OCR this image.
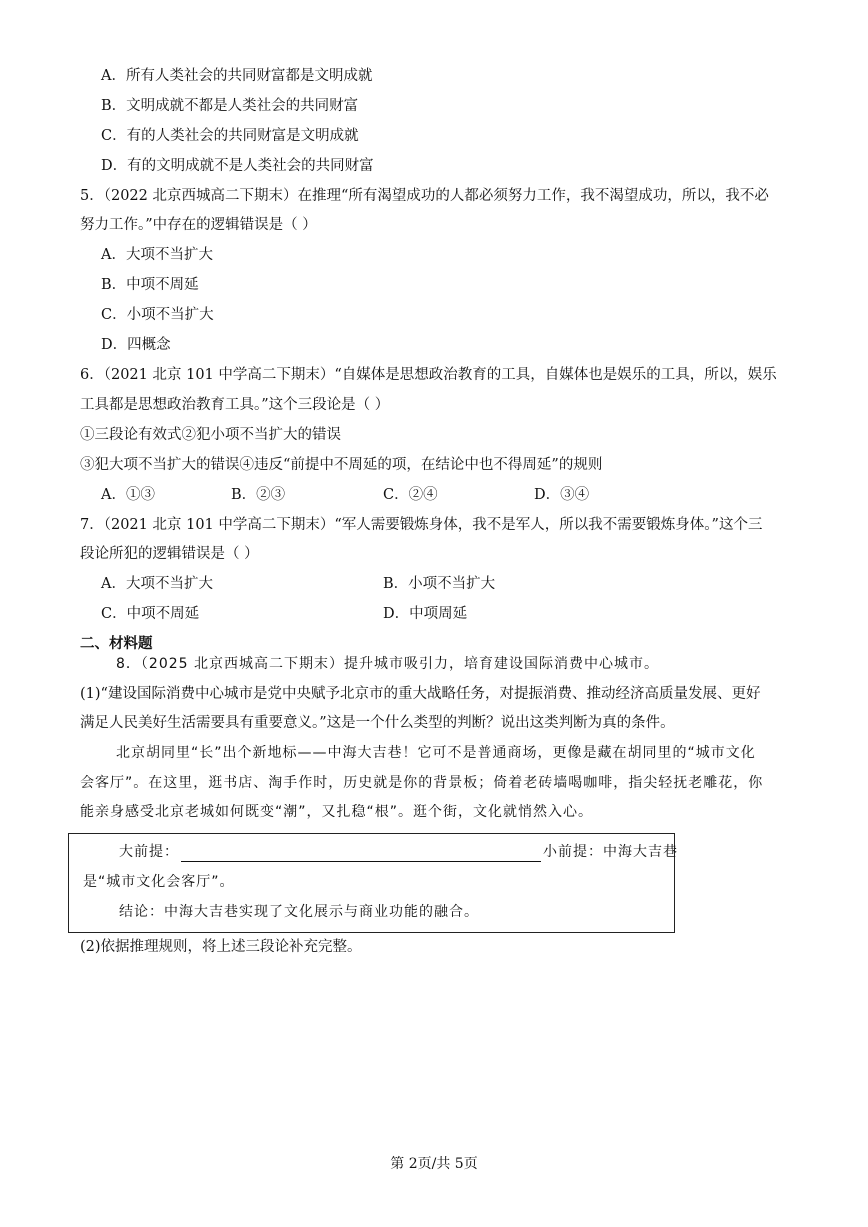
A．所有人类社会的共同财富都是文明成就
B．文明成就不都是人类社会的共同财富
C．有的人类社会的共同财富是文明成就
D．有的文明成就不是人类社会的共同财富
5．（2022 北京西城高二下期末）在推理“所有渴望成功的人都必须努力工作，我不渴望成功，所以，我不必
努力工作。”中存在的逻辑错误是（ ）
A．大项不当扩大
B．中项不周延
C．小项不当扩大
D．四概念
6．（2021 北京 101 中学高二下期末）“自媒体是思想政治教育的工具，自媒体也是娱乐的工具，所以，娱乐
工具都是思想政治教育工具。”这个三段论是（ ）
①三段论有效式②犯小项不当扩大的错误
③犯大项不当扩大的错误④违反“前提中不周延的项，在结论中也不得周延”的规则
A．①③	B．②③	C．②④	D．③④
7．（2021 北京 101 中学高二下期末）“军人需要锻炼身体，我不是军人，所以我不需要锻炼身体。”这个三
段论所犯的逻辑错误是（ ）
A．大项不当扩大	B．小项不当扩大
C．中项不周延	D．中项周延
二、材料题
8．（2025 北京西城高二下期末）提升城市吸引力，培育建设国际消费中心城市。
(1)“建设国际消费中心城市是党中央赋予北京市的重大战略任务，对提振消费、推动经济高质量发展、更好
满足人民美好生活需要具有重要意义。”这是一个什么类型的判断？说出这类判断为真的条件。
北京胡同里“长”出个新地标——中海大吉巷！它可不是普通商场，更像是藏在胡同里的“城市文化
会客厅”。在这里，逛书店、淘手作时，历史就是你的背景板；倚着老砖墙喝咖啡，指尖轻抚老雕花，你
能亲身感受北京老城如何既变“潮”，又扎稳“根”。逛个街，文化就悄然入心。
大前提：	小前提：中海大吉巷
是“城市文化会客厅”。
结论：中海大吉巷实现了文化展示与商业功能的融合。
(2)依据推理规则，将上述三段论补充完整。
第 2页/共 5页
